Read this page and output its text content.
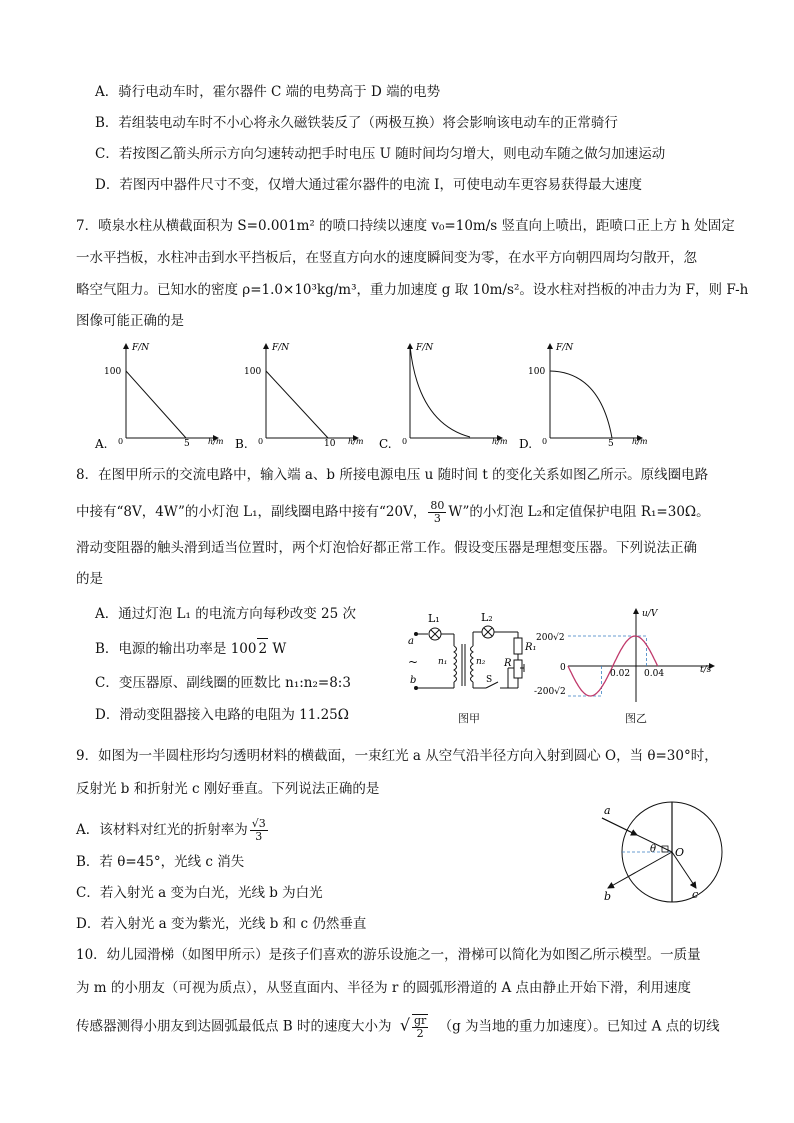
A．骑行电动车时，霍尔器件 C 端的电势高于 D 端的电势
B．若组装电动车时不小心将永久磁铁装反了（两极互换）将会影响该电动车的正常骑行
C．若按图乙箭头所示方向匀速转动把手时电压 U 随时间均匀增大，则电动车随之做匀加速运动
D．若图丙中器件尺寸不变，仅增大通过霍尔器件的电流 I，可使电动车更容易获得最大速度
7．喷泉水柱从横截面积为 S=0.001m² 的喷口持续以速度 v₀=10m/s 竖直向上喷出，距喷口正上方 h 处固定
一水平挡板，水柱冲击到水平挡板后，在竖直方向水的速度瞬间变为零，在水平方向朝四周均匀散开，忽
略空气阻力。已知水的密度 ρ=1.0×10³kg/m³，重力加速度 g 取 10m/s²。设水柱对挡板的冲击力为 F，则 F-h
图像可能正确的是
A.
F/N
h/m
100
0	5	B.
F/N
h/m
100
0	10	C.
F/N
h/m
0	D.
F/N
h/m
100
0	5
8．在图甲所示的交流电路中，输入端 a、b 所接电源电压 u 随时间 t 的变化关系如图乙所示。原线圈电路
中接有“8V，4W”的小灯泡 L₁，副线圈电路中接有“20V， $\frac{80}{3} W$”的小灯泡 L₂和定值保护电阻 R₁=30Ω。
滑动变阻器的触头滑到适当位置时，两个灯泡恰好都正常工作。假设变压器是理想变压器。下列说法正确
的是
A．通过灯泡 L₁ 的电流方向每秒改变 25 次
B．电源的输出功率是 100 2 W
C．变压器原、副线圈的匝数比 n₁:n₂=8:3
D．滑动变阻器接入电路的电阻为 11.25Ω
L₁	L₂
R₁
R
n₁	n₂
a
b
~
S
图甲
u/V
t/s
200√2
-200√2
0
0.02 0.04
图乙
9．如图为一半圆柱形均匀透明材料的横截面，一束红光 a 从空气沿半径方向入射到圆心 O，当 θ=30°时，
反射光 b 和折射光 c 刚好垂直。下列说法正确的是
A．该材料对红光的折射率为 $\frac{√3}{3}$
B．若 θ=45°，光线 c 消失
C．若入射光 a 变为白光，光线 b 为白光
D．若入射光 a 变为紫光，光线 b 和 c 仍然垂直
a
b	c
O
θ
10．幼儿园滑梯（如图甲所示）是孩子们喜欢的游乐设施之一，滑梯可以简化为如图乙所示模型。一质量
为 m 的小朋友（可视为质点），从竖直面内、半径为 r 的圆弧形滑道的 A 点由静止开始下滑，利用速度
传感器测得小朋友到达圆弧最低点 B 时的速度大小为 √ $\frac{gr}{2} (g$ 为当地的重力加速度）。已知过 A 点的切线
